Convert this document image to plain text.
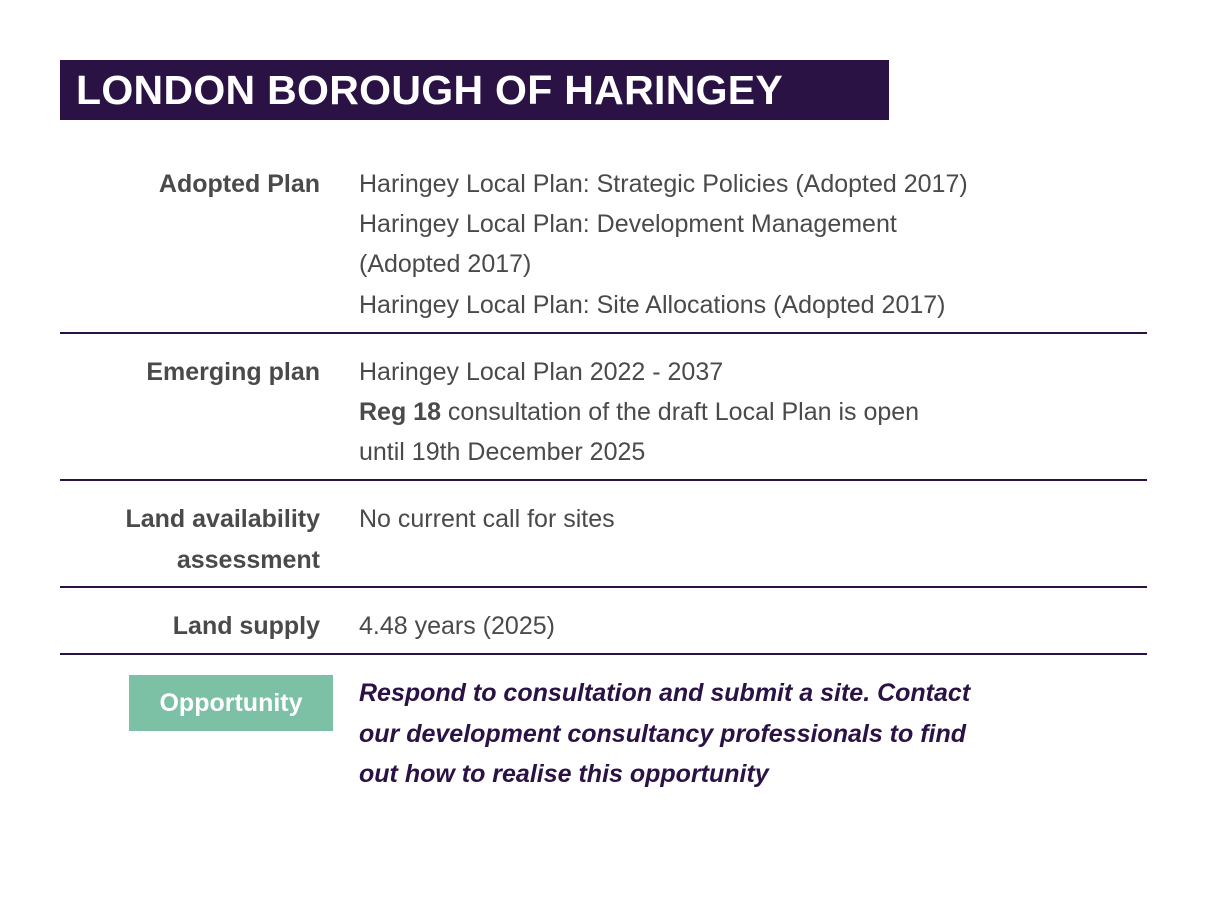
LONDON BOROUGH OF HARINGEY
Adopted Plan Haringey Local Plan: Strategic Policies (Adopted 2017)
Haringey Local Plan: Development Management
(Adopted 2017)
Haringey Local Plan: Site Allocations (Adopted 2017)
Emerging plan Haringey Local Plan 2022 - 2037
Reg 18 consultation of the draft Local Plan is open
until 19th December 2025
Land availability
assessment
No current call for sites
Land supply 4.48 years (2025)
Opportunity	Respond to consultation and submit a site. Contact
our development consultancy professionals to find
out how to realise this opportunity
